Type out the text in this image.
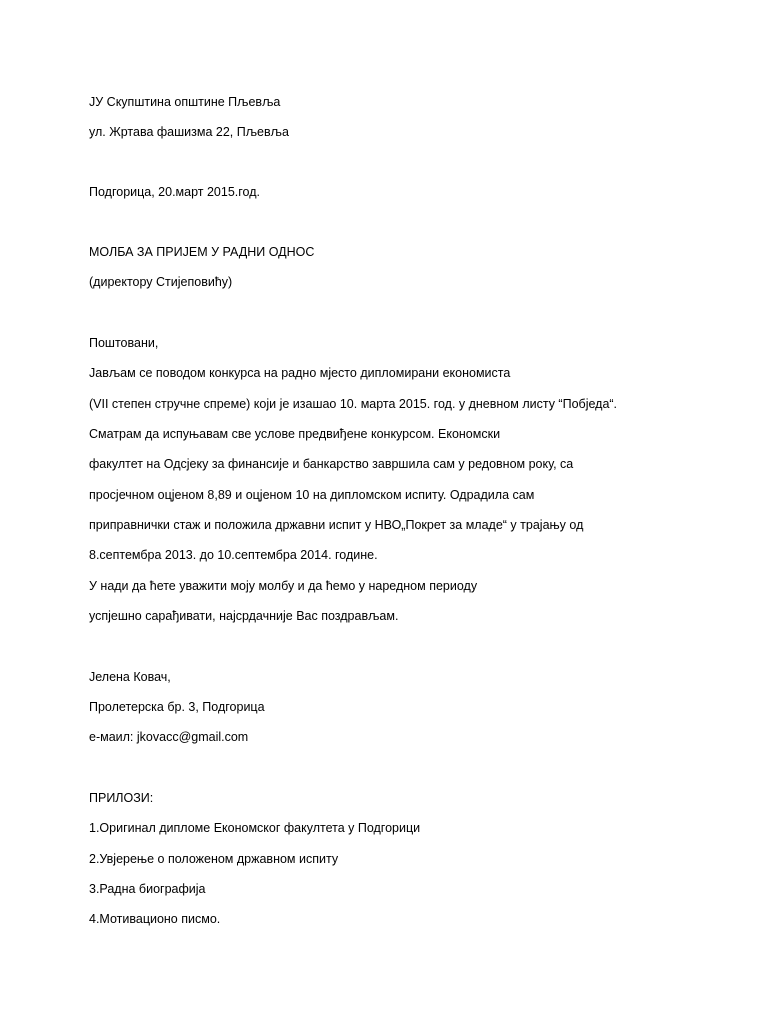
ЈУ Скупштина општине Пљевља
ул. Жртава фашизма 22, Пљевља
Подгорица, 20.март 2015.год.
МОЛБА ЗА ПРИЈЕМ У РАДНИ ОДНОС
(директору Стијеповићу)
Поштовани,
Јављам се поводом конкурса на радно мјесто дипломирани економиста
(VII степен стручне спреме) који је изашао 10. марта 2015. год. у дневном листу “Побједа“.
Сматрам да испуњавам све услове предвиђене конкурсом. Економски
факултет на Одсјеку за финансије и банкарство завршила сам у редовном року, са
просјечном оцјеном 8,89 и оцјеном 10 на дипломском испиту. Одрадила сам
приправнички стаж и положила државни испит у НВО„Покрет за младе“ у трајању од
8.септембра 2013. до 10.септембра 2014. године.
У нади да ћете уважити моју молбу и да ћемо у наредном периоду
успјешно сарађивати, најсрдачније Вас поздрављам.
Јелена Ковач,
Пролетерска бр. 3, Подгорица
е-маил: jkovacc@gmail.com
ПРИЛОЗИ:
1.Оригинал дипломе Економског факултета у Подгорици
2.Увјерење о положеном државном испиту
3.Радна биографија
4.Мотивационо писмо.
